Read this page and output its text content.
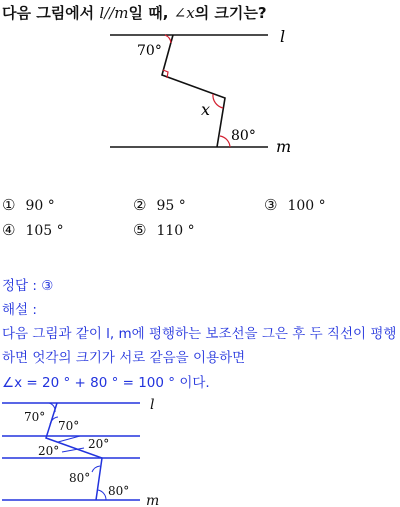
다음 그림에서 l//m일 때, ∠x의 크기는?
l
m
70°
x
80°
① 90 °	② 95 °	③ 100 °
④ 105 °	⑤ 110 °
정답 : ③
해설 :
다음 그림과 같이 l, m에 평행하는 보조선을 그은 후 두 직선이 평행
하면 엇각의 크기가 서로 같음을 이용하면
∠x = 20 ° + 80 ° = 100 ° 이다.
l
m
70°
70°
20°
20°
80°
80°
